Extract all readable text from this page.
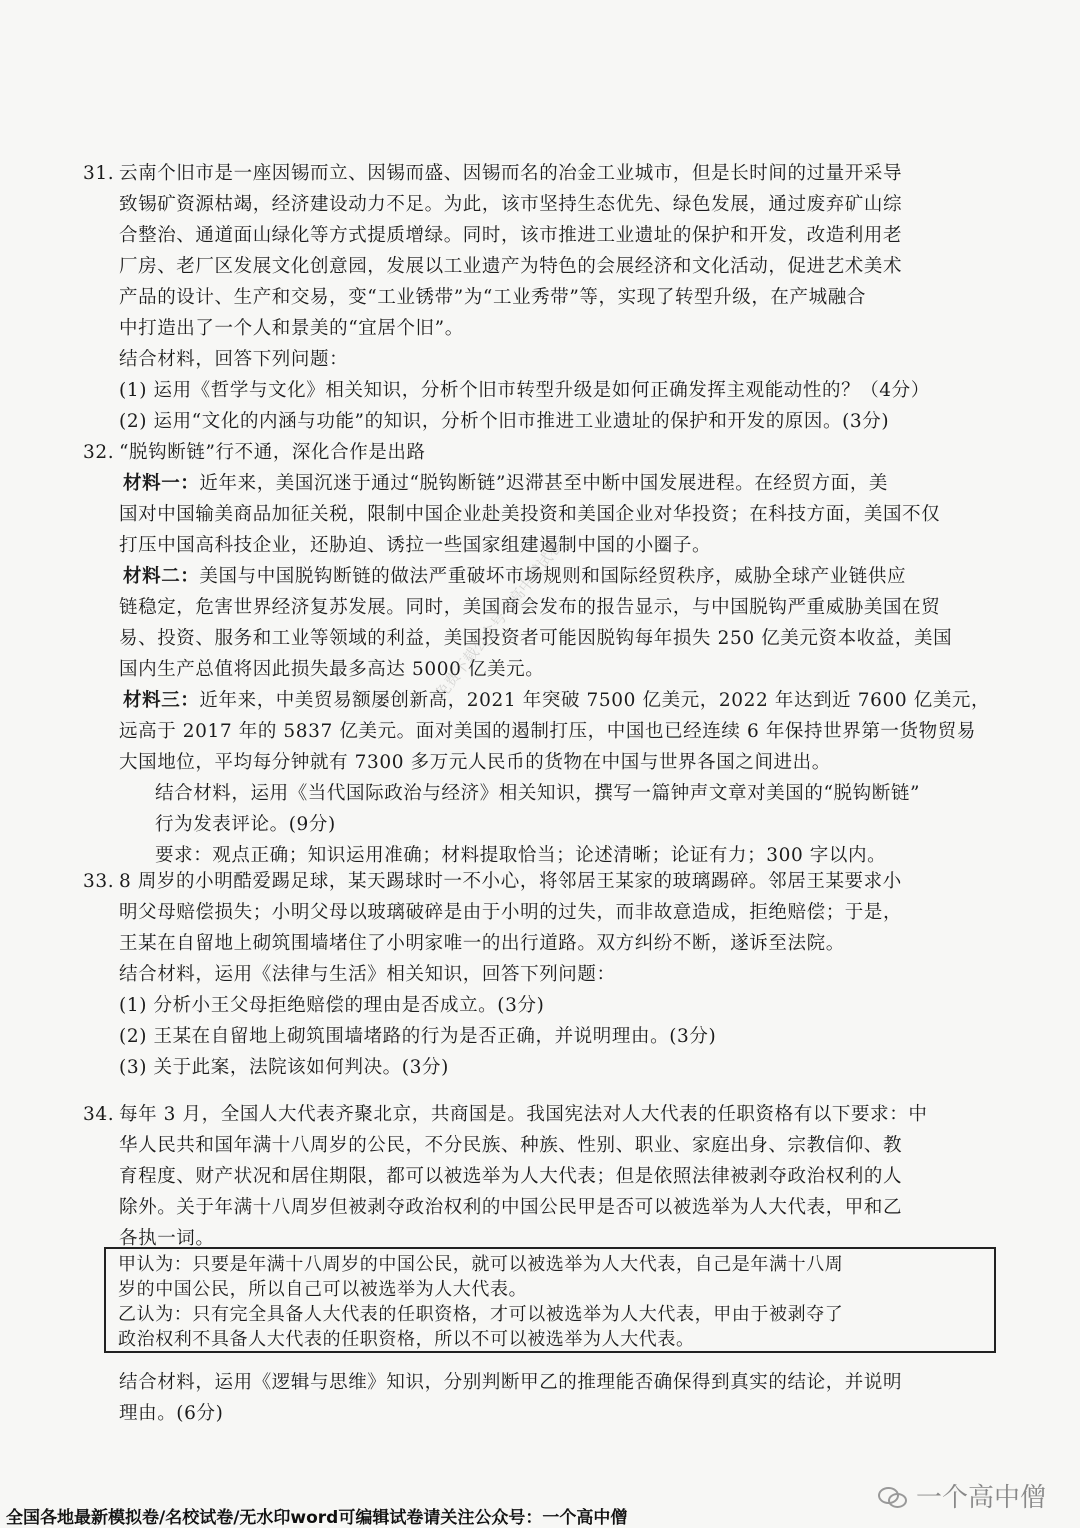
31. 云南个旧市是一座因锡而立、因锡而盛、因锡而名的冶金工业城市，但是长时间的过量开采导
致锡矿资源枯竭，经济建设动力不足。为此，该市坚持生态优先、绿色发展，通过废弃矿山综
合整治、通道面山绿化等方式提质增绿。同时，该市推进工业遗址的保护和开发，改造利用老
厂房、老厂区发展文化创意园，发展以工业遗产为特色的会展经济和文化活动，促进艺术美术
产品的设计、生产和交易，变“工业锈带”为“工业秀带”等，实现了转型升级，在产城融合
中打造出了一个人和景美的“宜居个旧”。
结合材料，回答下列问题：
(1) 运用《哲学与文化》相关知识，分析个旧市转型升级是如何正确发挥主观能动性的？（4分）
(2) 运用“文化的内涵与功能”的知识，分析个旧市推进工业遗址的保护和开发的原因。(3分)
32. “脱钩断链”行不通，深化合作是出路
材料一：近年来，美国沉迷于通过“脱钩断链”迟滞甚至中断中国发展进程。在经贸方面，美
国对中国输美商品加征关税，限制中国企业赴美投资和美国企业对华投资；在科技方面，美国不仅
打压中国高科技企业，还胁迫、诱拉一些国家组建遏制中国的小圈子。
材料二：美国与中国脱钩断链的做法严重破坏市场规则和国际经贸秩序，威胁全球产业链供应
链稳定，危害世界经济复苏发展。同时，美国商会发布的报告显示，与中国脱钩严重威胁美国在贸
易、投资、服务和工业等领域的利益，美国投资者可能因脱钩每年损失 250 亿美元资本收益，美国
国内生产总值将因此损失最多高达 5000 亿美元。
材料三：近年来，中美贸易额屡创新高，2021 年突破 7500 亿美元，2022 年达到近 7600 亿美元，
远高于 2017 年的 5837 亿美元。面对美国的遏制打压，中国也已经连续 6 年保持世界第一货物贸易
大国地位，平均每分钟就有 7300 多万元人民币的货物在中国与世界各国之间进出。
结合材料，运用《当代国际政治与经济》相关知识，撰写一篇钟声文章对美国的“脱钩断链”
行为发表评论。(9分)
要求：观点正确；知识运用准确；材料提取恰当；论述清晰；论证有力；300 字以内。
33. 8 周岁的小明酷爱踢足球，某天踢球时一不小心，将邻居王某家的玻璃踢碎。邻居王某要求小
明父母赔偿损失；小明父母以玻璃破碎是由于小明的过失，而非故意造成，拒绝赔偿；于是，
王某在自留地上砌筑围墙堵住了小明家唯一的出行道路。双方纠纷不断，遂诉至法院。
结合材料，运用《法律与生活》相关知识，回答下列问题：
(1) 分析小王父母拒绝赔偿的理由是否成立。(3分)
(2) 王某在自留地上砌筑围墙堵路的行为是否正确，并说明理由。(3分)
(3) 关于此案，法院该如何判决。(3分)
34. 每年 3 月，全国人大代表齐聚北京，共商国是。我国宪法对人大代表的任职资格有以下要求：中
华人民共和国年满十八周岁的公民，不分民族、种族、性别、职业、家庭出身、宗教信仰、教
育程度、财产状况和居住期限，都可以被选举为人大代表；但是依照法律被剥夺政治权利的人
除外。关于年满十八周岁但被剥夺政治权利的中国公民甲是否可以被选举为人大代表，甲和乙
各执一词。
甲认为：只要是年满十八周岁的中国公民，就可以被选举为人大代表，自己是年满十八周
岁的中国公民，所以自己可以被选举为人大代表。
乙认为：只有完全具备人大代表的任职资格，才可以被选举为人大代表，甲由于被剥夺了
政治权利不具备人大代表的任职资格，所以不可以被选举为人大代表。
结合材料，运用《逻辑与思维》知识，分别判断甲乙的推理能否确保得到真实的结论，并说明
理由。(6分)
免费下载公众号《高中僧试卷》
一个高中僧
全国各地最新模拟卷/名校试卷/无水印word可编辑试卷请关注公众号：一个高中僧
